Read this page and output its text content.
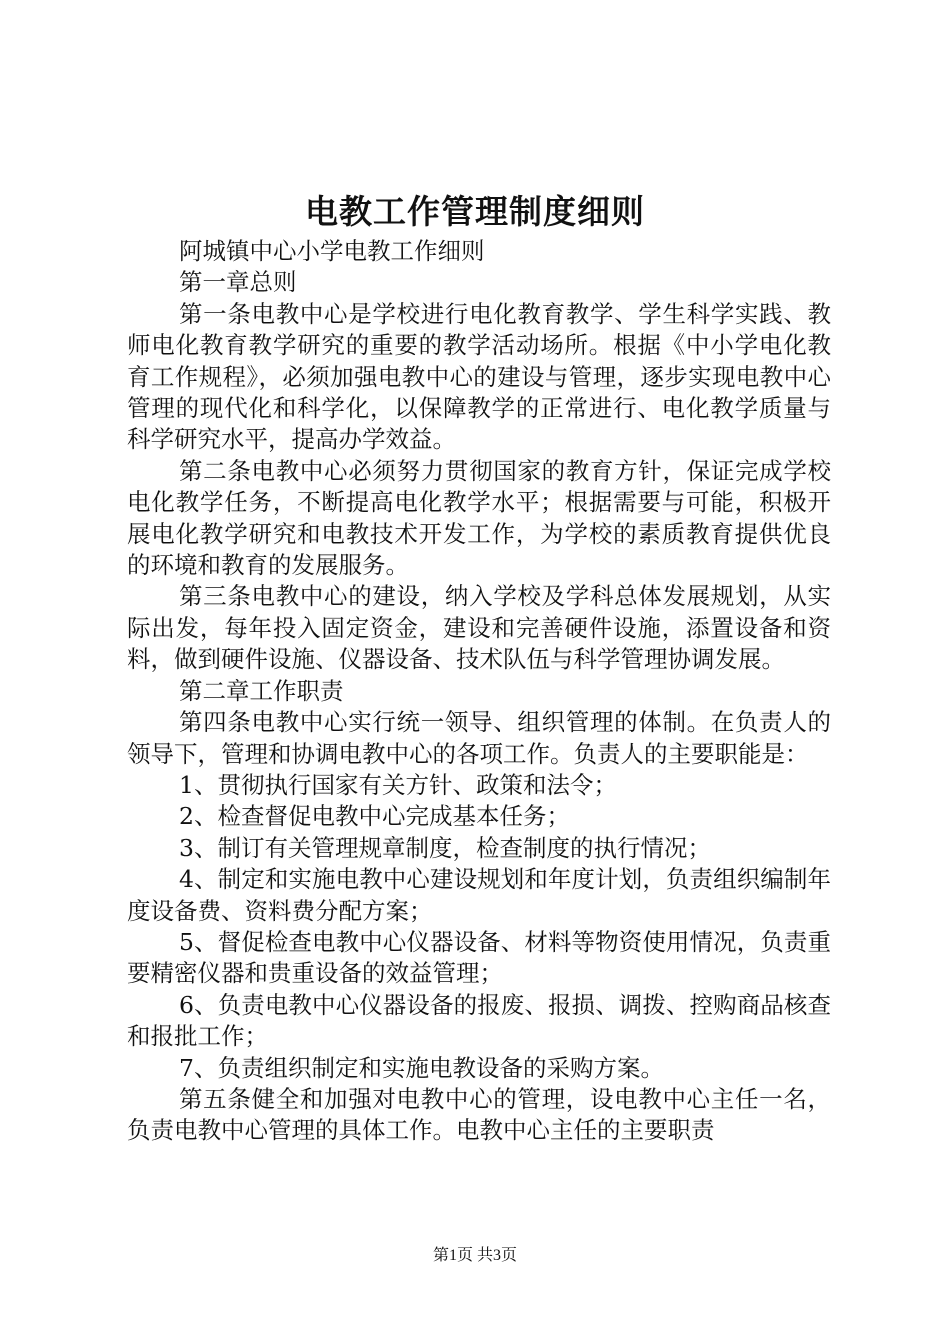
电教工作管理制度细则

阿城镇中心小学电教工作细则

第一章总则

第一条电教中心是学校进行电化教育教学、学生科学实践、教师电化教育教学研究的重要的教学活动场所。根据《中小学电化教育工作规程》，必须加强电教中心的建设与管理，逐步实现电教中心管理的现代化和科学化，以保障教学的正常进行、电化教学质量与科学研究水平，提高办学效益。

第二条电教中心必须努力贯彻国家的教育方针，保证完成学校电化教学任务，不断提高电化教学水平；根据需要与可能，积极开展电化教学研究和电教技术开发工作，为学校的素质教育提供优良的环境和教育的发展服务。

第三条电教中心的建设，纳入学校及学科总体发展规划，从实际出发，每年投入固定资金，建设和完善硬件设施，添置设备和资料，做到硬件设施、仪器设备、技术队伍与科学管理协调发展。

第二章工作职责

第四条电教中心实行统一领导、组织管理的体制。在负责人的领导下，管理和协调电教中心的各项工作。负责人的主要职能是：

1、贯彻执行国家有关方针、政策和法令；

2、检查督促电教中心完成基本任务；

3、制订有关管理规章制度，检查制度的执行情况；

4、制定和实施电教中心建设规划和年度计划，负责组织编制年度设备费、资料费分配方案；

5、督促检查电教中心仪器设备、材料等物资使用情况，负责重要精密仪器和贵重设备的效益管理；

6、负责电教中心仪器设备的报废、报损、调拨、控购商品核查和报批工作；

7、负责组织制定和实施电教设备的采购方案。

第五条健全和加强对电教中心的管理，设电教中心主任一名，负责电教中心管理的具体工作。电教中心主任的主要职责

第1页 共3页
